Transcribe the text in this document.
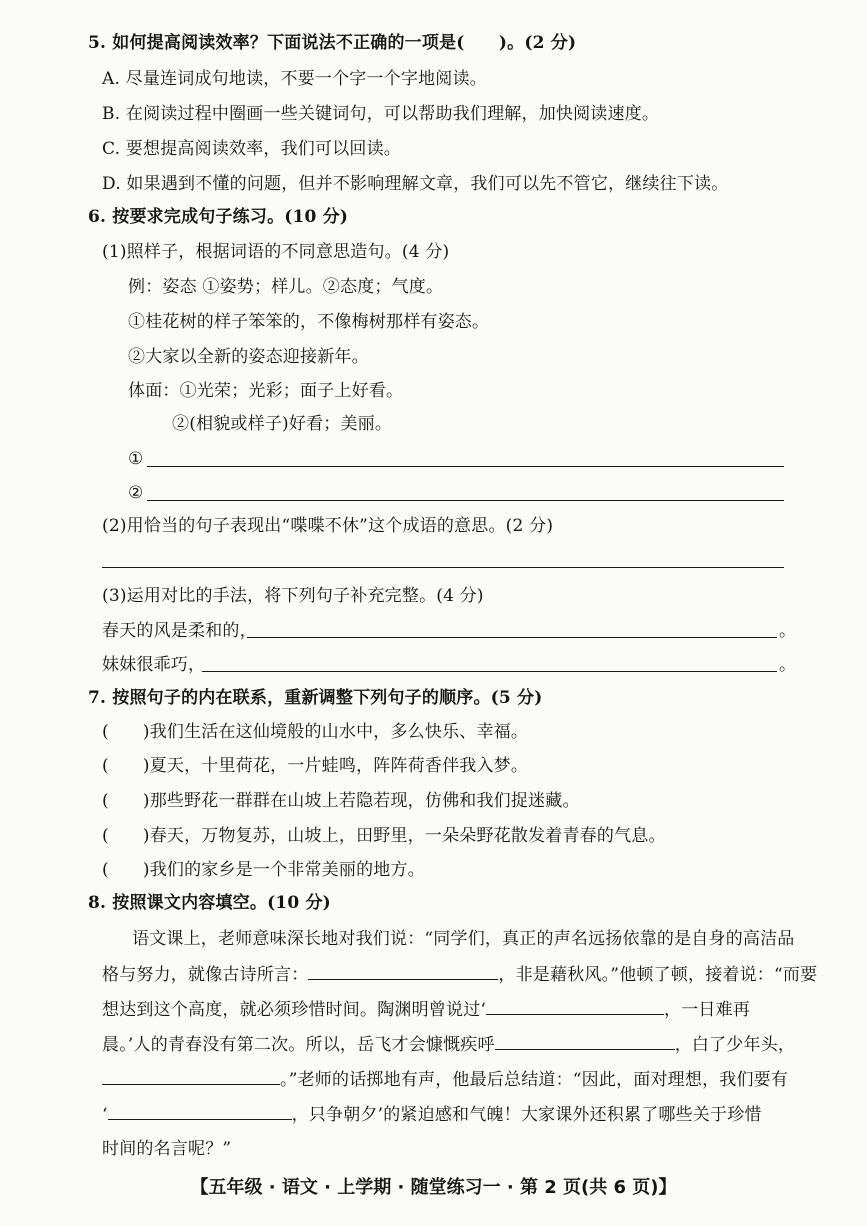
5. 如何提高阅读效率？下面说法不正确的一项是(　　)。(2 分)
A. 尽量连词成句地读，不要一个字一个字地阅读。
B. 在阅读过程中圈画一些关键词句，可以帮助我们理解，加快阅读速度。
C. 要想提高阅读效率，我们可以回读。
D. 如果遇到不懂的问题，但并不影响理解文章，我们可以先不管它，继续往下读。
6. 按要求完成句子练习。(10 分)
(1)照样子，根据词语的不同意思造句。(4 分)
例：姿态 ①姿势；样儿。②态度；气度。
①桂花树的样子笨笨的，不像梅树那样有姿态。
②大家以全新的姿态迎接新年。
体面：①光荣；光彩；面子上好看。
②(相貌或样子)好看；美丽。
①
②
(2)用恰当的句子表现出“喋喋不休”这个成语的意思。(2 分)
(3)运用对比的手法，将下列句子补充完整。(4 分)
春天的风是柔和的，	。
妹妹很乖巧，	。
7. 按照句子的内在联系，重新调整下列句子的顺序。(5 分)
( )我们生活在这仙境般的山水中，多么快乐、幸福。
( )夏天，十里荷花，一片蛙鸣，阵阵荷香伴我入梦。
( )那些野花一群群在山坡上若隐若现，仿佛和我们捉迷藏。
( )春天，万物复苏，山坡上，田野里，一朵朵野花散发着青春的气息。
( )我们的家乡是一个非常美丽的地方。
8. 按照课文内容填空。(10 分)
语文课上，老师意味深长地对我们说：“同学们，真正的声名远扬依靠的是自身的高洁品
格与努力，就像古诗所言：	，非是藉秋风。”他顿了顿，接着说：“而要
想达到这个高度，就必须珍惜时间。陶渊明曾说过‘	，一日难再
晨。’人的青春没有第二次。所以，岳飞才会慷慨疾呼	，白了少年头，
。”老师的话掷地有声，他最后总结道：“因此，面对理想，我们要有
‘	，只争朝夕’的紧迫感和气魄！大家课外还积累了哪些关于珍惜
时间的名言呢？”
【五年级 · 语文 · 上学期 · 随堂练习一 · 第 2 页(共 6 页)】
